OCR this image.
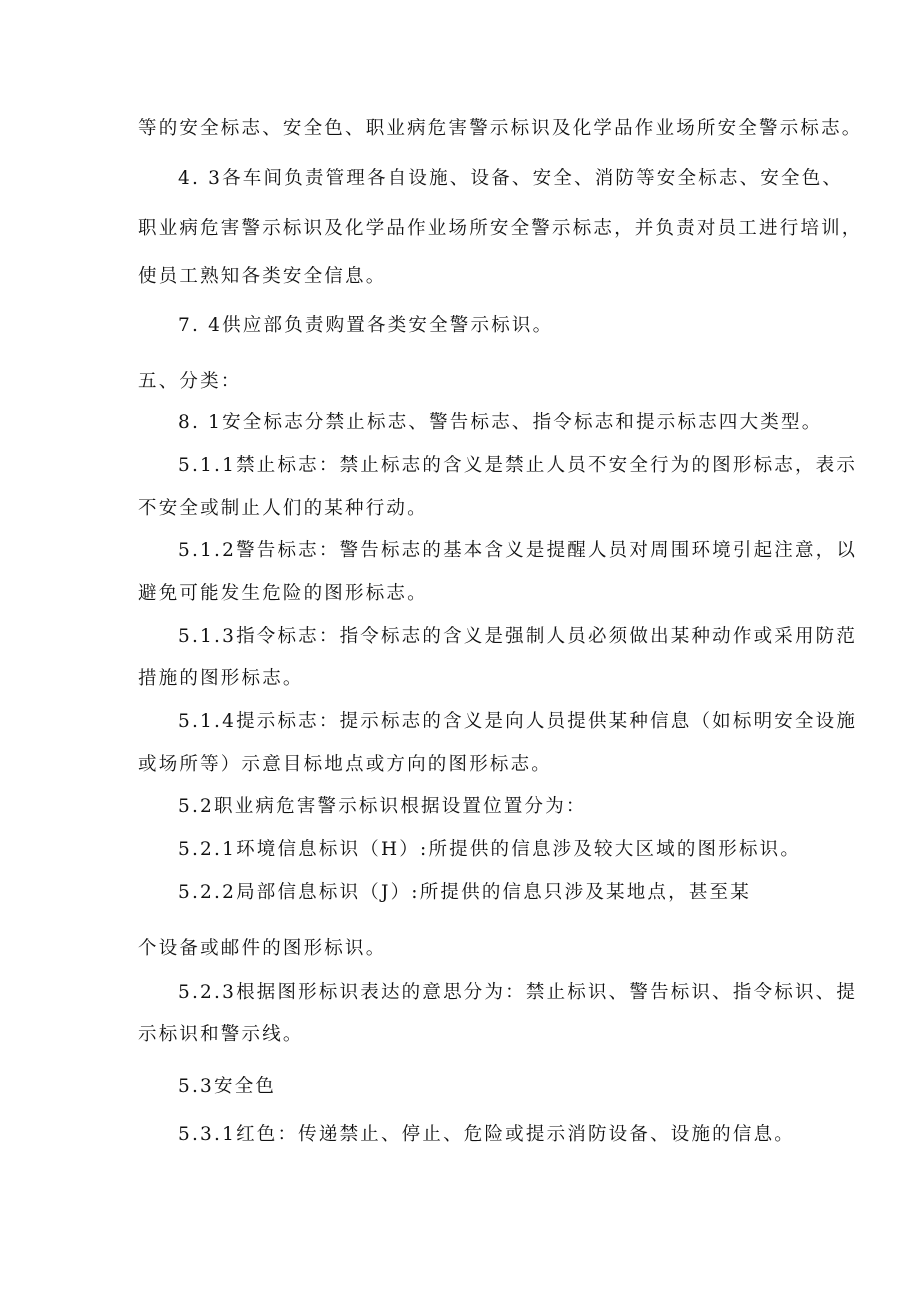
等的安全标志、安全色、职业病危害警示标识及化学品作业场所安全警示标志。
4. 3各车间负责管理各自设施、设备、安全、消防等安全标志、安全色、
职业病危害警示标识及化学品作业场所安全警示标志，并负责对员工进行培训，
使员工熟知各类安全信息。
7. 4供应部负责购置各类安全警示标识。
五、分类：
8. 1安全标志分禁止标志、警告标志、指令标志和提示标志四大类型。
5.1.1禁止标志：禁止标志的含义是禁止人员不安全行为的图形标志，表示
不安全或制止人们的某种行动。
5.1.2警告标志：警告标志的基本含义是提醒人员对周围环境引起注意，以
避免可能发生危险的图形标志。
5.1.3指令标志：指令标志的含义是强制人员必须做出某种动作或采用防范
措施的图形标志。
5.1.4提示标志：提示标志的含义是向人员提供某种信息（如标明安全设施
或场所等）示意目标地点或方向的图形标志。
5.2职业病危害警示标识根据设置位置分为：
5.2.1环境信息标识（H）:所提供的信息涉及较大区域的图形标识。
5.2.2局部信息标识（J）:所提供的信息只涉及某地点，甚至某
个设备或邮件的图形标识。
5.2.3根据图形标识表达的意思分为：禁止标识、警告标识、指令标识、提
示标识和警示线。
5.3安全色
5.3.1红色：传递禁止、停止、危险或提示消防设备、设施的信息。
